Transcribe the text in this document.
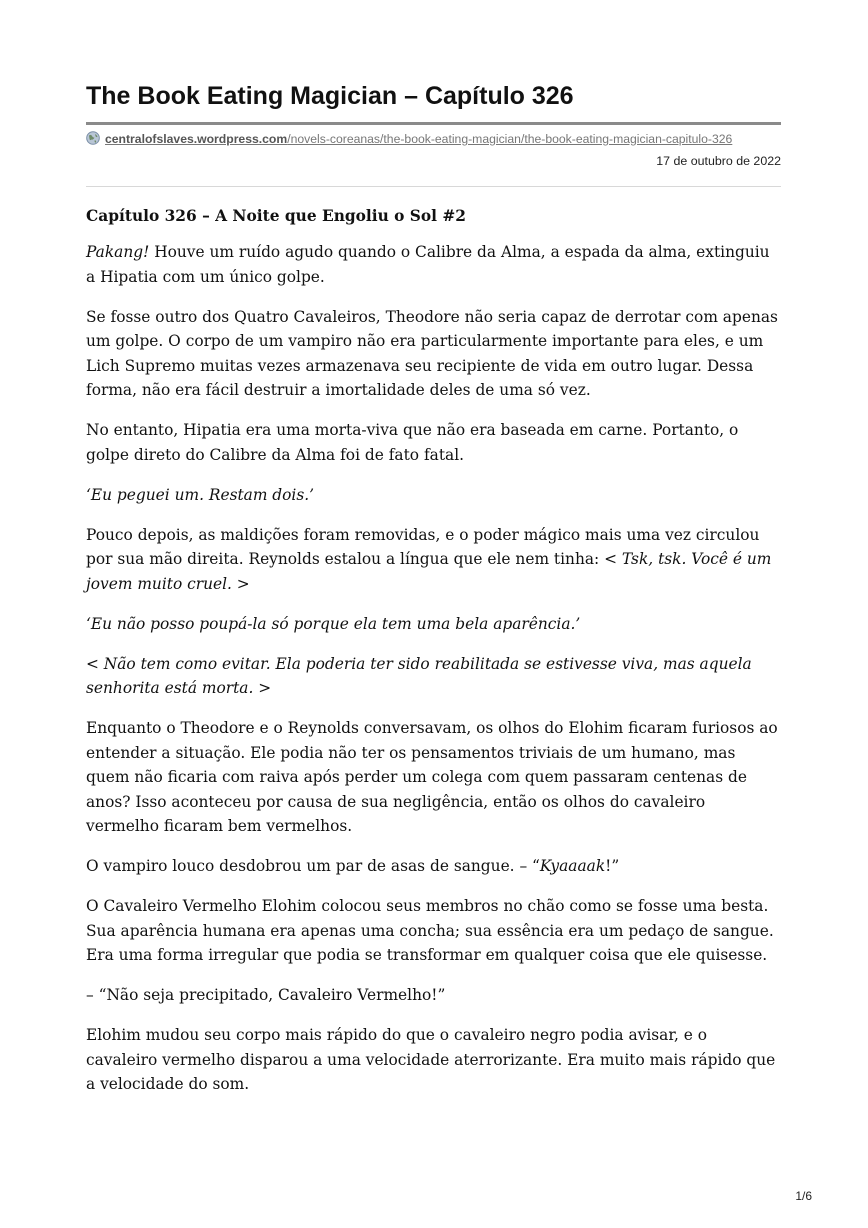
The Book Eating Magician – Capítulo 326
centralofslaves.wordpress.com/novels-coreanas/the-book-eating-magician/the-book-eating-magician-capitulo-326
17 de outubro de 2022
Capítulo 326 – A Noite que Engoliu o Sol #2

Pakang! Houve um ruído agudo quando o Calibre da Alma, a espada da alma, extinguiu a Hipatia com um único golpe.

Se fosse outro dos Quatro Cavaleiros, Theodore não seria capaz de derrotar com apenas um golpe. O corpo de um vampiro não era particularmente importante para eles, e um Lich Supremo muitas vezes armazenava seu recipiente de vida em outro lugar. Dessa forma, não era fácil destruir a imortalidade deles de uma só vez.

No entanto, Hipatia era uma morta-viva que não era baseada em carne. Portanto, o golpe direto do Calibre da Alma foi de fato fatal.

‘Eu peguei um. Restam dois.’

Pouco depois, as maldições foram removidas, e o poder mágico mais uma vez circulou por sua mão direita. Reynolds estalou a língua que ele nem tinha: < Tsk, tsk. Você é um jovem muito cruel. >

‘Eu não posso poupá-la só porque ela tem uma bela aparência.’

< Não tem como evitar. Ela poderia ter sido reabilitada se estivesse viva, mas aquela senhorita está morta. >

Enquanto o Theodore e o Reynolds conversavam, os olhos do Elohim ficaram furiosos ao entender a situação. Ele podia não ter os pensamentos triviais de um humano, mas quem não ficaria com raiva após perder um colega com quem passaram centenas de anos? Isso aconteceu por causa de sua negligência, então os olhos do cavaleiro vermelho ficaram bem vermelhos.

O vampiro louco desdobrou um par de asas de sangue. – “Kyaaaak!”

O Cavaleiro Vermelho Elohim colocou seus membros no chão como se fosse uma besta. Sua aparência humana era apenas uma concha; sua essência era um pedaço de sangue. Era uma forma irregular que podia se transformar em qualquer coisa que ele quisesse.

– “Não seja precipitado, Cavaleiro Vermelho!”

Elohim mudou seu corpo mais rápido do que o cavaleiro negro podia avisar, e o cavaleiro vermelho disparou a uma velocidade aterrorizante. Era muito mais rápido que a velocidade do som.

1/6
